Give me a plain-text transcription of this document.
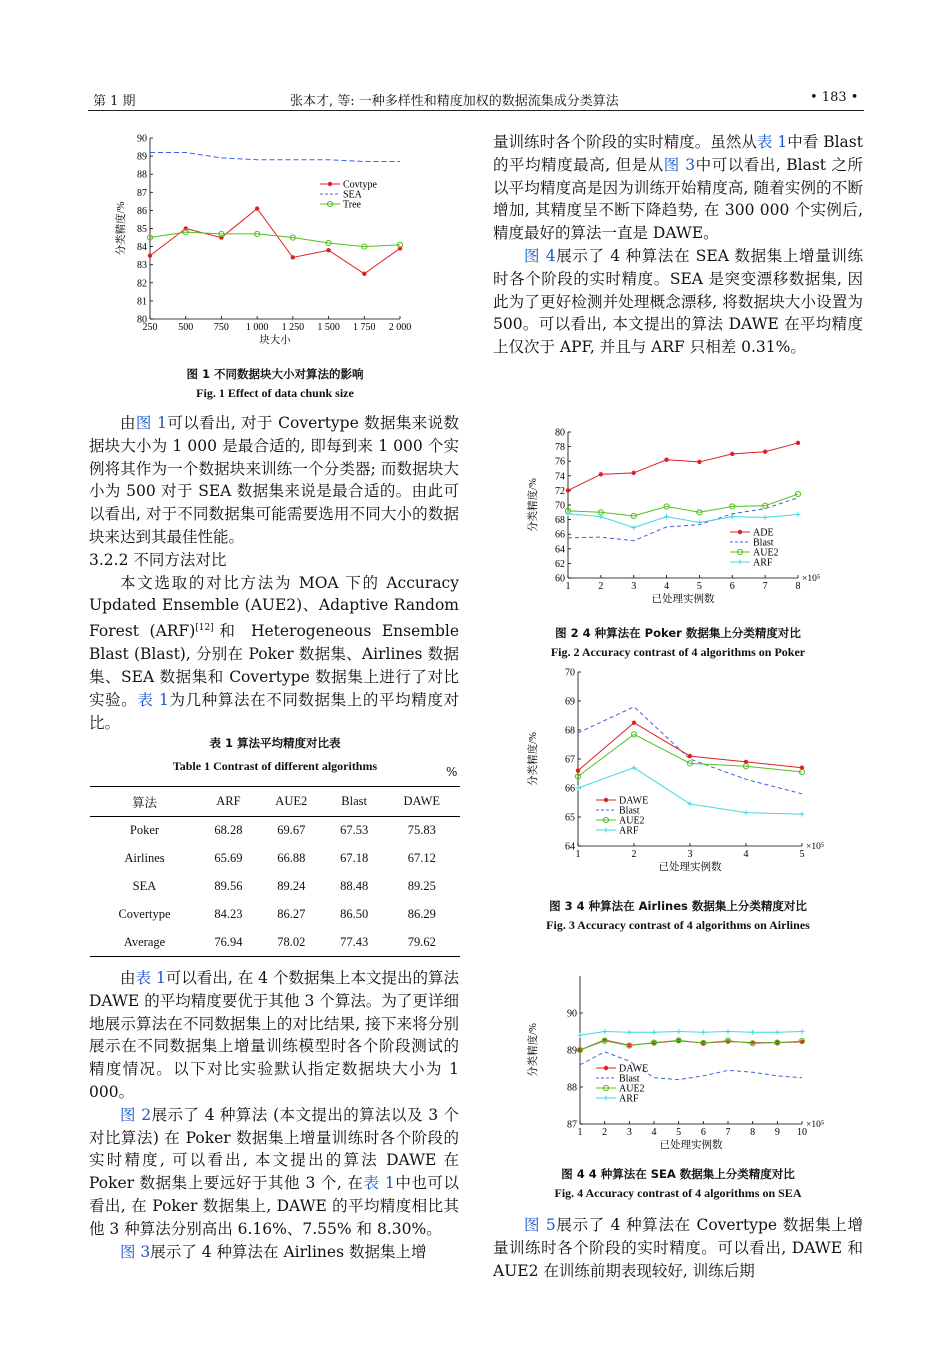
第 1 期	张本才, 等: 一种多样性和精度加权的数据流集成分类算法	• 183 •
80
81
82
83
84
85
86
87
88
89
90
250 500 750 1 000 1 250 1 500 1 750 2 000
块大小
分类精度/%
Covtype
SEA
Tree
图 1 不同数据块大小对算法的影响
Fig. 1 Effect of data chunk size

由图 1可以看出, 对于 Covertype 数据集来说数据块大小为 1 000 是最合适的, 即每到来 1 000 个实例将其作为一个数据块来训练一个分类器; 而数据块大小为 500 对于 SEA 数据集来说是最合适的。由此可以看出, 对于不同数据集可能需要选用不同大小的数据块来达到其最佳性能。

3.2.2 不同方法对比

本文选取的对比方法为 MOA 下的 Accuracy Updated Ensemble (AUE2)、Adaptive Random Forest (ARF)[12]和 Heterogeneous Ensemble Blast (Blast), 分别在 Poker 数据集、Airlines 数据集、SEA 数据集和 Covertype 数据集上进行了对比实验。表 1为几种算法在不同数据集上的平均精度对比。

表 1 算法平均精度对比表
Table 1 Contrast of different algorithms	%
算法	ARF	AUE2	Blast	DAWE
Poker	68.28	69.67	67.53	75.83
Airlines	65.69	66.88	67.18	67.12
SEA	89.56	89.24	88.48	89.25
Covertype	84.23	86.27	86.50	86.29
Average	76.94	78.02	77.43	79.62

由表 1可以看出, 在 4 个数据集上本文提出的算法 DAWE 的平均精度要优于其他 3 个算法。为了更详细地展示算法在不同数据集上的对比结果, 接下来将分别展示在不同数据集上增量训练模型时各个阶段测试的精度情况。以下对比实验默认指定数据块大小为 1 000。

图 2展示了 4 种算法 (本文提出的算法以及 3 个对比算法) 在 Poker 数据集上增量训练时各个阶段的实时精度, 可以看出, 本文提出的算法 DAWE 在 Poker 数据集上要远好于其他 3 个, 在表 1中也可以看出, 在 Poker 数据集上, DAWE 的平均精度相比其他 3 种算法分别高出 6.16%、7.55% 和 8.30%。

图 3展示了 4 种算法在 Airlines 数据集上增

量训练时各个阶段的实时精度。虽然从表 1中看 Blast 的平均精度最高, 但是从图 3中可以看出, Blast 之所以平均精度高是因为训练开始精度高, 随着实例的不断增加, 其精度呈不断下降趋势, 在 300 000 个实例后, 精度最好的算法一直是 DAWE。

图 4展示了 4 种算法在 SEA 数据集上增量训练时各个阶段的实时精度。SEA 是突变漂移数据集, 因此为了更好检测并处理概念漂移, 将数据块大小设置为 500。可以看出, 本文提出的算法 DAWE 在平均精度上仅次于 APF, 并且与 ARF 只相差 0.31%。

60
62
64
66
68
70
72
74
76
78
80
1	2	3	4	5	6	7	8
×10⁵
已处理实例数
分类精度/%
ADE
Blast
AUE2
ARF
图 2 4 种算法在 Poker 数据集上分类精度对比
Fig. 2 Accuracy contrast of 4 algorithms on Poker
64
65
66
67
68
69
70
1	2	3	4	5
×10⁵
已处理实例数
分类精度/%
DAWE
Blast
AUE2
ARF
图 3 4 种算法在 Airlines 数据集上分类精度对比
Fig. 3 Accuracy contrast of 4 algorithms on Airlines
87
88
89
90
1 2 3 4 5 6 7 8 9 10
×10⁵
已处理实例数
分类精度/%	DAWE
Blast
AUE2
ARF
图 4 4 种算法在 SEA 数据集上分类精度对比
Fig. 4 Accuracy contrast of 4 algorithms on SEA

图 5展示了 4 种算法在 Covertype 数据集上增量训练时各个阶段的实时精度。可以看出, DAWE 和 AUE2 在训练前期表现较好, 训练后期
